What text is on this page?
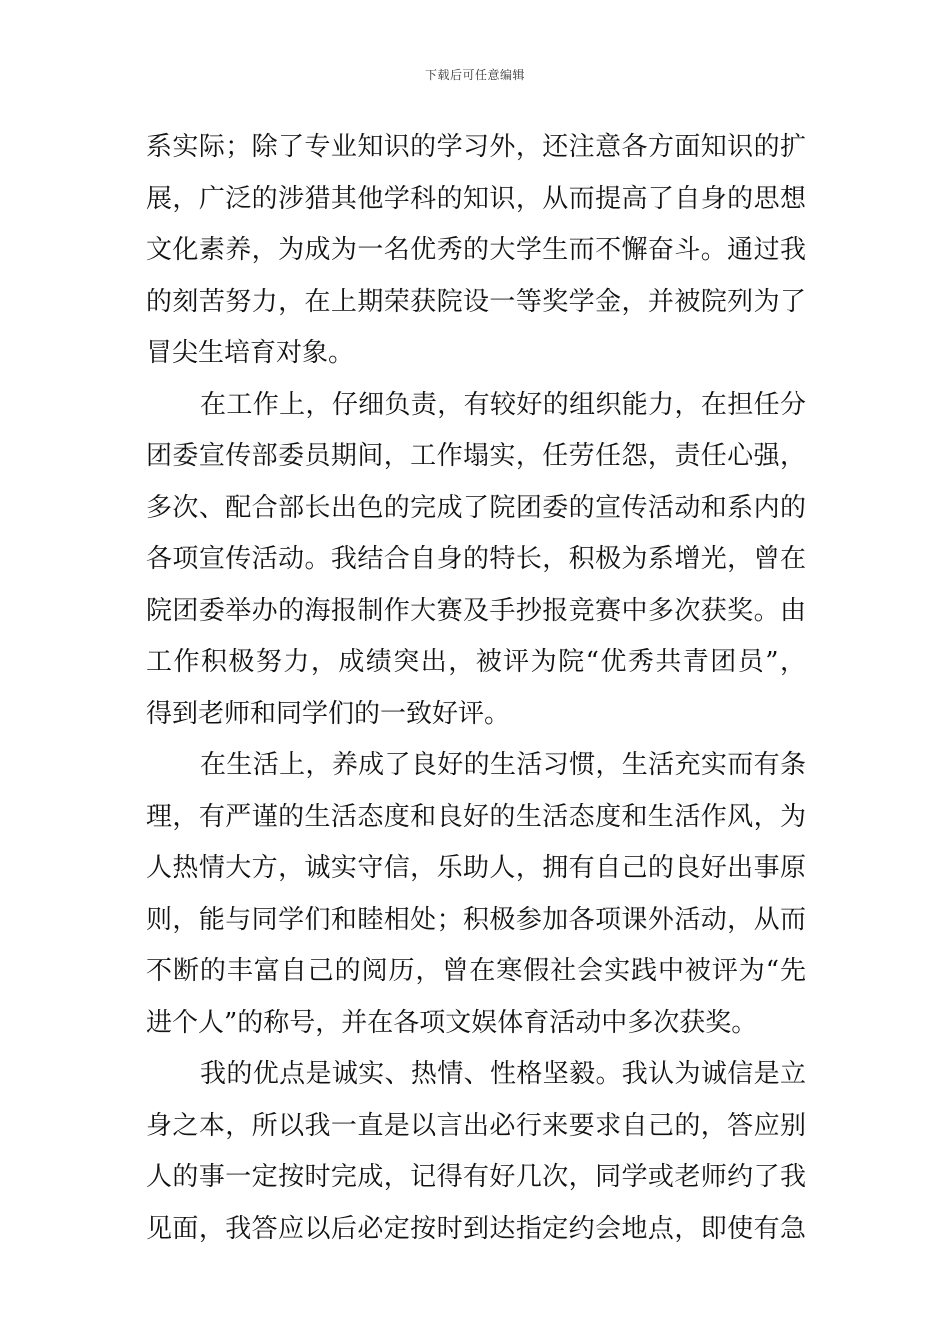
下载后可任意编辑
系实际；除了专业知识的学习外，还注意各方面知识的扩
展，广泛的涉猎其他学科的知识，从而提高了自身的思想
文化素养，为成为一名优秀的大学生而不懈奋斗。通过我
的刻苦努力，在上期荣获院设一等奖学金，并被院列为了
冒尖生培育对象。
在工作上，仔细负责，有较好的组织能力，在担任分
团委宣传部委员期间，工作塌实，任劳任怨，责任心强，
多次、配合部长出色的完成了院团委的宣传活动和系内的
各项宣传活动。我结合自身的特长，积极为系增光，曾在
院团委举办的海报制作大赛及手抄报竞赛中多次获奖。由
工作积极努力，成绩突出，被评为院“优秀共青团员”，
得到老师和同学们的一致好评。
在生活上，养成了良好的生活习惯，生活充实而有条
理，有严谨的生活态度和良好的生活态度和生活作风，为
人热情大方，诚实守信，乐助人，拥有自己的良好出事原
则，能与同学们和睦相处；积极参加各项课外活动，从而
不断的丰富自己的阅历，曾在寒假社会实践中被评为“先
进个人”的称号，并在各项文娱体育活动中多次获奖。
我的优点是诚实、热情、性格坚毅。我认为诚信是立
身之本，所以我一直是以言出必行来要求自己的，答应别
人的事一定按时完成，记得有好几次，同学或老师约了我
见面，我答应以后必定按时到达指定约会地点，即使有急
